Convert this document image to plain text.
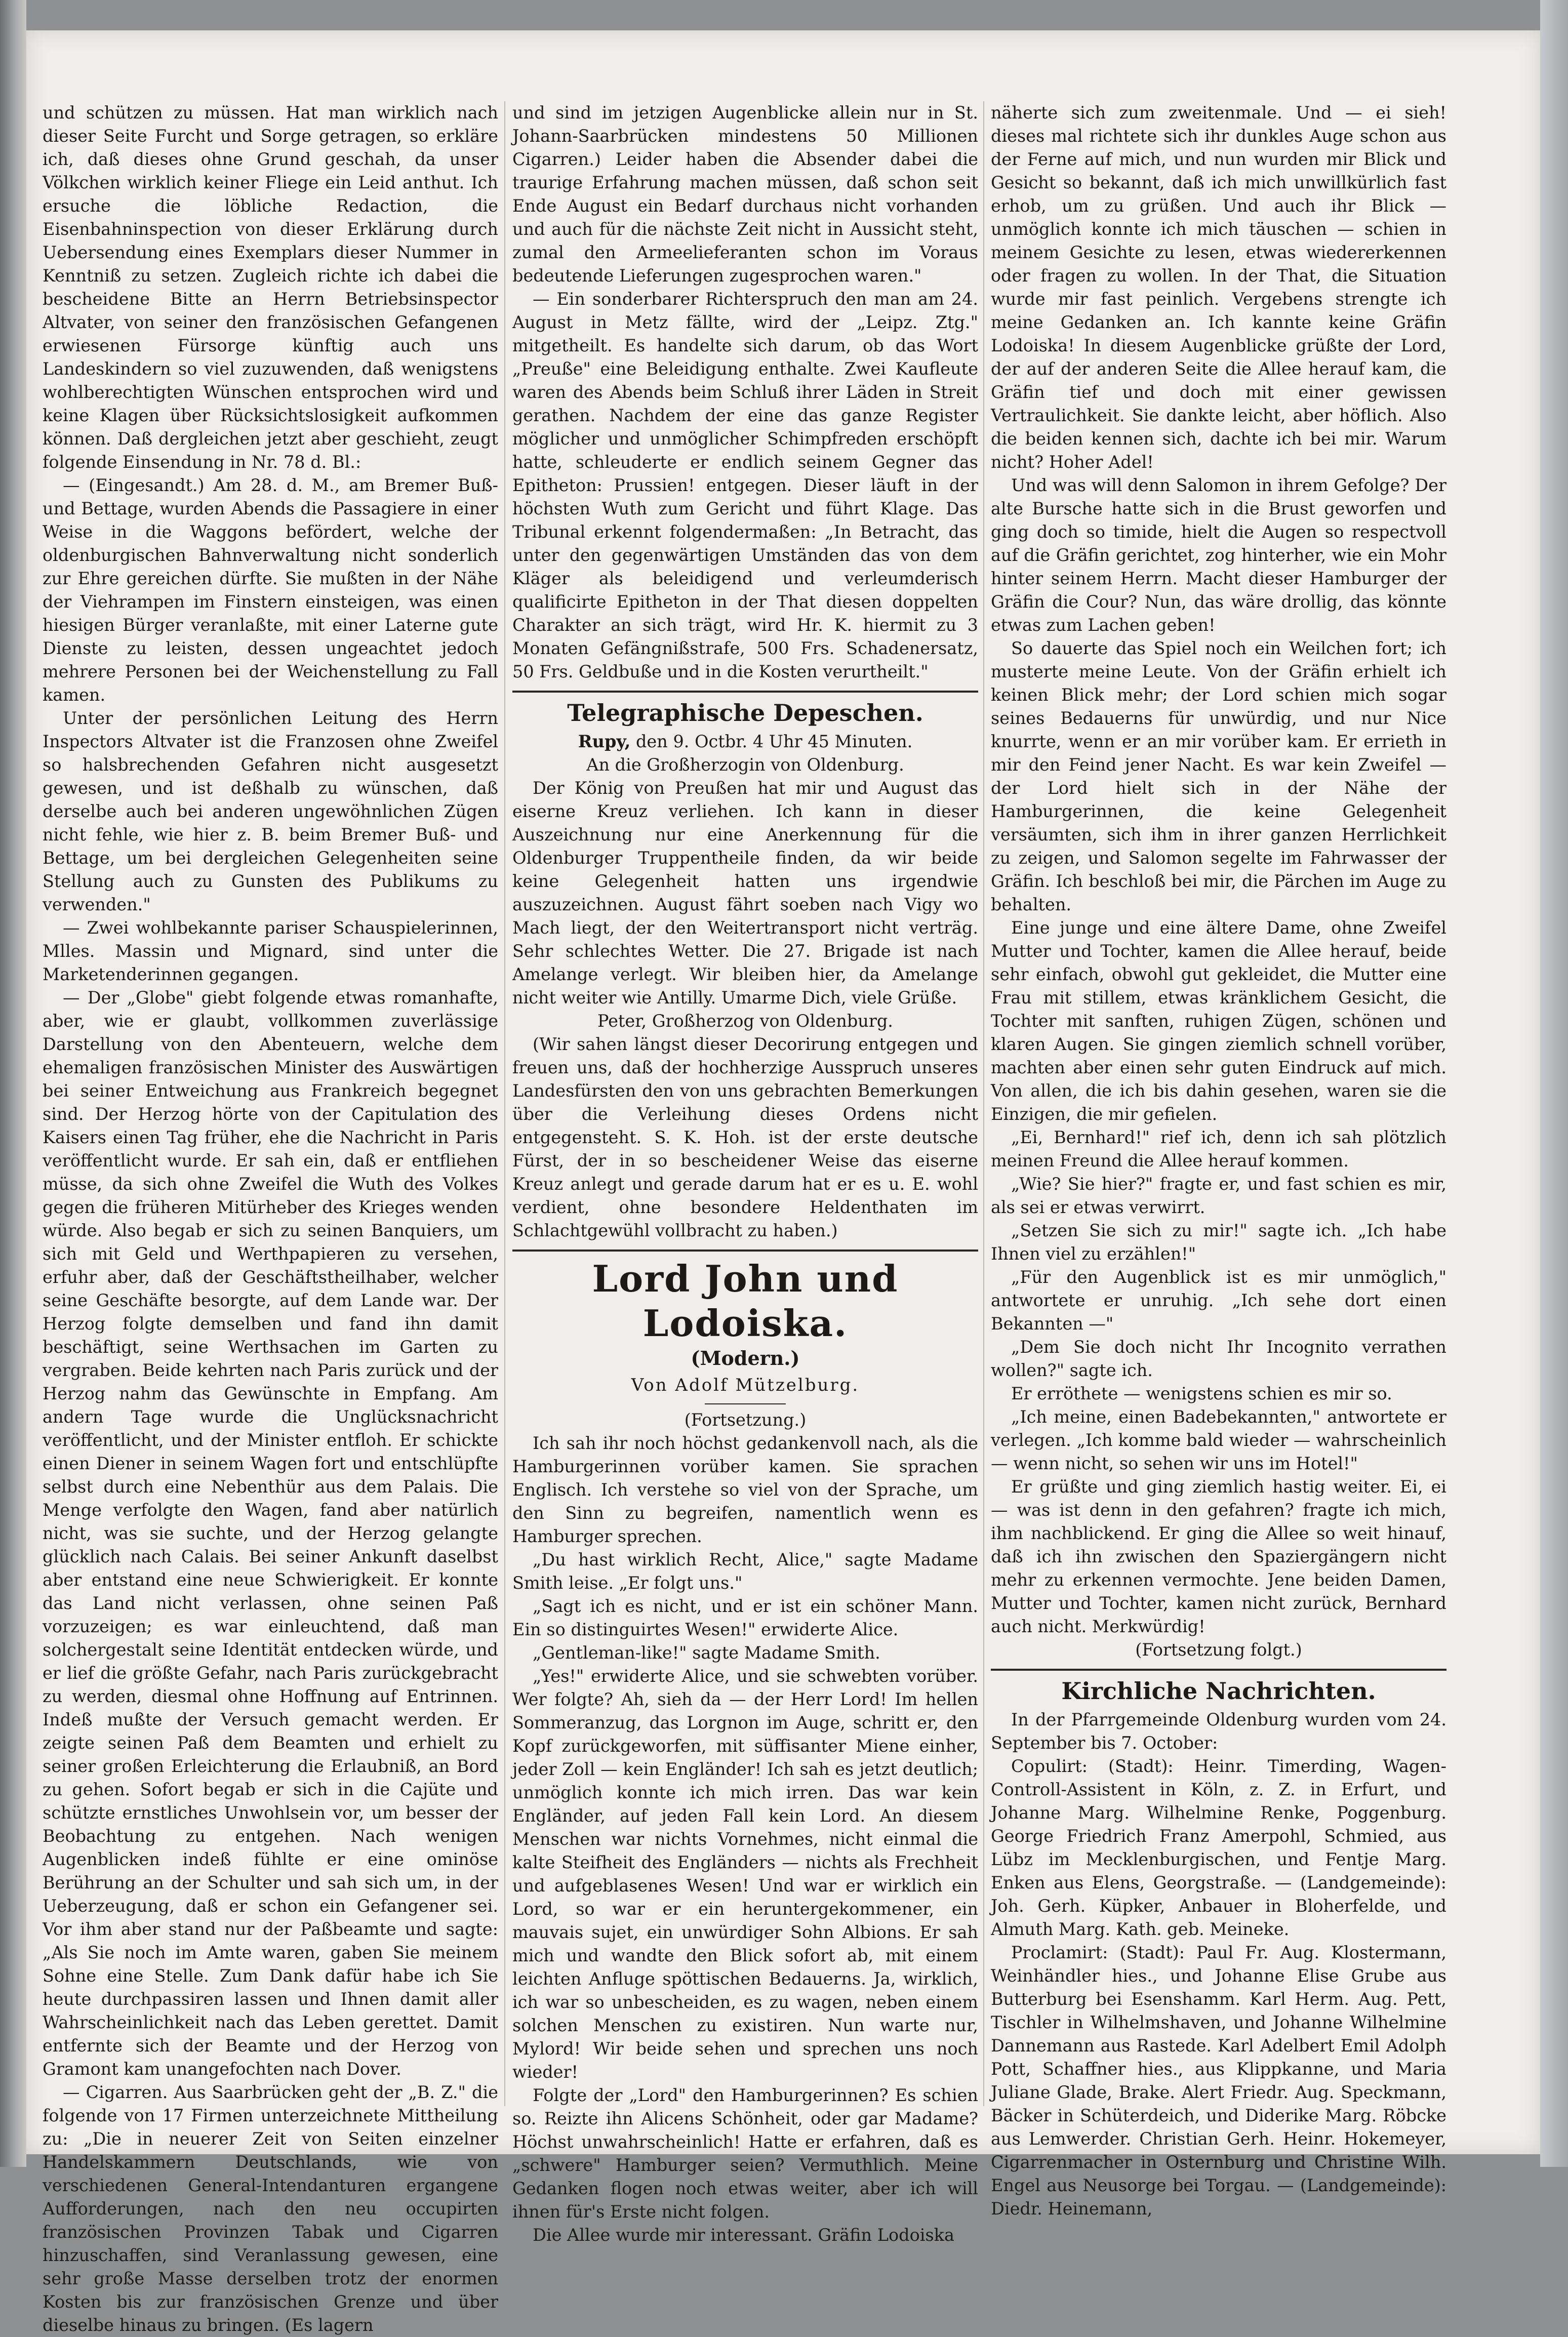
und schützen zu müssen. Hat man wirklich nach dieser Seite Furcht und Sorge getragen, so erkläre ich, daß dieses ohne Grund geschah, da unser Völkchen wirklich keiner Fliege ein Leid anthut. Ich ersuche die löbliche Redaction, die Eisenbahninspection von dieser Erklärung durch Uebersendung eines Exemplars dieser Nummer in Kenntniß zu setzen. Zugleich richte ich dabei die bescheidene Bitte an Herrn Betriebsinspector Altvater, von seiner den französischen Gefangenen erwiesenen Fürsorge künftig auch uns Landeskindern so viel zuzuwenden, daß wenigstens wohlberechtigten Wünschen entsprochen wird und keine Klagen über Rücksichtslosigkeit aufkommen können. Daß dergleichen jetzt aber geschieht, zeugt folgende Einsendung in Nr. 78 d. Bl.:

— (Eingesandt.) Am 28. d. M., am Bremer Buß- und Bettage, wurden Abends die Passagiere in einer Weise in die Waggons befördert, welche der oldenburgischen Bahnverwaltung nicht sonderlich zur Ehre gereichen dürfte. Sie mußten in der Nähe der Viehrampen im Finstern einsteigen, was einen hiesigen Bürger veranlaßte, mit einer Laterne gute Dienste zu leisten, dessen ungeachtet jedoch mehrere Personen bei der Weichenstellung zu Fall kamen.

Unter der persönlichen Leitung des Herrn Inspectors Altvater ist die Franzosen ohne Zweifel so halsbrechenden Gefahren nicht ausgesetzt gewesen, und ist deßhalb zu wünschen, daß derselbe auch bei anderen ungewöhnlichen Zügen nicht fehle, wie hier z. B. beim Bremer Buß- und Bettage, um bei dergleichen Gelegenheiten seine Stellung auch zu Gunsten des Publikums zu verwenden."

— Zwei wohlbekannte pariser Schauspielerinnen, Mlles. Massin und Mignard, sind unter die Marketenderinnen gegangen.

— Der „Globe" giebt folgende etwas romanhafte, aber, wie er glaubt, vollkommen zuverlässige Darstellung von den Abenteuern, welche dem ehemaligen französischen Minister des Auswärtigen bei seiner Entweichung aus Frankreich begegnet sind. Der Herzog hörte von der Capitulation des Kaisers einen Tag früher, ehe die Nachricht in Paris veröffentlicht wurde. Er sah ein, daß er entfliehen müsse, da sich ohne Zweifel die Wuth des Volkes gegen die früheren Mitürheber des Krieges wenden würde. Also begab er sich zu seinen Banquiers, um sich mit Geld und Werthpapieren zu versehen, erfuhr aber, daß der Geschäftstheilhaber, welcher seine Geschäfte besorgte, auf dem Lande war. Der Herzog folgte demselben und fand ihn damit beschäftigt, seine Werthsachen im Garten zu vergraben. Beide kehrten nach Paris zurück und der Herzog nahm das Gewünschte in Empfang. Am andern Tage wurde die Unglücksnachricht veröffentlicht, und der Minister entfloh. Er schickte einen Diener in seinem Wagen fort und entschlüpfte selbst durch eine Nebenthür aus dem Palais. Die Menge verfolgte den Wagen, fand aber natürlich nicht, was sie suchte, und der Herzog gelangte glücklich nach Calais. Bei seiner Ankunft daselbst aber entstand eine neue Schwierigkeit. Er konnte das Land nicht verlassen, ohne seinen Paß vorzuzeigen; es war einleuchtend, daß man solchergestalt seine Identität entdecken würde, und er lief die größte Gefahr, nach Paris zurückgebracht zu werden, diesmal ohne Hoffnung auf Entrinnen. Indeß mußte der Versuch gemacht werden. Er zeigte seinen Paß dem Beamten und erhielt zu seiner großen Erleichterung die Erlaubniß, an Bord zu gehen. Sofort begab er sich in die Cajüte und schützte ernstliches Unwohlsein vor, um besser der Beobachtung zu entgehen. Nach wenigen Augenblicken indeß fühlte er eine ominöse Berührung an der Schulter und sah sich um, in der Ueberzeugung, daß er schon ein Gefangener sei. Vor ihm aber stand nur der Paßbeamte und sagte: „Als Sie noch im Amte waren, gaben Sie meinem Sohne eine Stelle. Zum Dank dafür habe ich Sie heute durchpassiren lassen und Ihnen damit aller Wahrscheinlichkeit nach das Leben gerettet. Damit entfernte sich der Beamte und der Herzog von Gramont kam unangefochten nach Dover.

— Cigarren. Aus Saarbrücken geht der „B. Z." die folgende von 17 Firmen unterzeichnete Mittheilung zu: „Die in neuerer Zeit von Seiten einzelner Handelskammern Deutschlands, wie von verschiedenen General-Intendanturen ergangene Aufforderungen, nach den neu occupirten französischen Provinzen Tabak und Cigarren hinzuschaffen, sind Veranlassung gewesen, eine sehr große Masse derselben trotz der enormen Kosten bis zur französischen Grenze und über dieselbe hinaus zu bringen. (Es lagern

und sind im jetzigen Augenblicke allein nur in St. Johann-Saarbrücken mindestens 50 Millionen Cigarren.) Leider haben die Absender dabei die traurige Erfahrung machen müssen, daß schon seit Ende August ein Bedarf durchaus nicht vorhanden und auch für die nächste Zeit nicht in Aussicht steht, zumal den Armeelieferanten schon im Voraus bedeutende Lieferungen zugesprochen waren."

— Ein sonderbarer Richterspruch den man am 24. August in Metz fällte, wird der „Leipz. Ztg." mitgetheilt. Es handelte sich darum, ob das Wort „Preuße" eine Beleidigung enthalte. Zwei Kaufleute waren des Abends beim Schluß ihrer Läden in Streit gerathen. Nachdem der eine das ganze Register möglicher und unmöglicher Schimpfreden erschöpft hatte, schleuderte er endlich seinem Gegner das Epitheton: Prussien! entgegen. Dieser läuft in der höchsten Wuth zum Gericht und führt Klage. Das Tribunal erkennt folgendermaßen: „In Betracht, das unter den gegenwärtigen Umständen das von dem Kläger als beleidigend und verleumderisch qualificirte Epitheton in der That diesen doppelten Charakter an sich trägt, wird Hr. K. hiermit zu 3 Monaten Gefängnißstrafe, 500 Frs. Schadenersatz, 50 Frs. Geldbuße und in die Kosten verurtheilt."

Telegraphische Depeschen.

Rupy, den 9. Octbr. 4 Uhr 45 Minuten.

An die Großherzogin von Oldenburg.

Der König von Preußen hat mir und August das eiserne Kreuz verliehen. Ich kann in dieser Auszeichnung nur eine Anerkennung für die Oldenburger Truppentheile finden, da wir beide keine Gelegenheit hatten uns irgendwie auszuzeichnen. August fährt soeben nach Vigy wo Mach liegt, der den Weitertransport nicht verträg. Sehr schlechtes Wetter. Die 27. Brigade ist nach Amelange verlegt. Wir bleiben hier, da Amelange nicht weiter wie Antilly. Umarme Dich, viele Grüße.

Peter, Großherzog von Oldenburg.

(Wir sahen längst dieser Decorirung entgegen und freuen uns, daß der hochherzige Ausspruch unseres Landesfürsten den von uns gebrachten Bemerkungen über die Verleihung dieses Ordens nicht entgegensteht. S. K. Hoh. ist der erste deutsche Fürst, der in so bescheidener Weise das eiserne Kreuz anlegt und gerade darum hat er es u. E. wohl verdient, ohne besondere Heldenthaten im Schlachtgewühl vollbracht zu haben.)

Lord John und Lodoiska.
(Modern.)
Von Adolf Mützelburg.

(Fortsetzung.)

Ich sah ihr noch höchst gedankenvoll nach, als die Hamburgerinnen vorüber kamen. Sie sprachen Englisch. Ich verstehe so viel von der Sprache, um den Sinn zu begreifen, namentlich wenn es Hamburger sprechen.

„Du hast wirklich Recht, Alice," sagte Madame Smith leise. „Er folgt uns."

„Sagt ich es nicht, und er ist ein schöner Mann. Ein so distinguirtes Wesen!" erwiderte Alice.

„Gentleman-like!" sagte Madame Smith.

„Yes!" erwiderte Alice, und sie schwebten vorüber. Wer folgte? Ah, sieh da — der Herr Lord! Im hellen Sommeranzug, das Lorgnon im Auge, schritt er, den Kopf zurückgeworfen, mit süffisanter Miene einher, jeder Zoll — kein Engländer! Ich sah es jetzt deutlich; unmöglich konnte ich mich irren. Das war kein Engländer, auf jeden Fall kein Lord. An diesem Menschen war nichts Vornehmes, nicht einmal die kalte Steifheit des Engländers — nichts als Frechheit und aufgeblasenes Wesen! Und war er wirklich ein Lord, so war er ein heruntergekommener, ein mauvais sujet, ein unwürdiger Sohn Albions. Er sah mich und wandte den Blick sofort ab, mit einem leichten Anfluge spöttischen Bedauerns. Ja, wirklich, ich war so unbescheiden, es zu wagen, neben einem solchen Menschen zu existiren. Nun warte nur, Mylord! Wir beide sehen und sprechen uns noch wieder!

Folgte der „Lord" den Hamburgerinnen? Es schien so. Reizte ihn Alicens Schönheit, oder gar Madame? Höchst unwahrscheinlich! Hatte er erfahren, daß es „schwere" Hamburger seien? Vermuthlich. Meine Gedanken flogen noch etwas weiter, aber ich will ihnen für's Erste nicht folgen.

Die Allee wurde mir interessant. Gräfin Lodoiska

näherte sich zum zweitenmale. Und — ei sieh! dieses mal richtete sich ihr dunkles Auge schon aus der Ferne auf mich, und nun wurden mir Blick und Gesicht so bekannt, daß ich mich unwillkürlich fast erhob, um zu grüßen. Und auch ihr Blick — unmöglich konnte ich mich täuschen — schien in meinem Gesichte zu lesen, etwas wiedererkennen oder fragen zu wollen. In der That, die Situation wurde mir fast peinlich. Vergebens strengte ich meine Gedanken an. Ich kannte keine Gräfin Lodoiska! In diesem Augenblicke grüßte der Lord, der auf der anderen Seite die Allee herauf kam, die Gräfin tief und doch mit einer gewissen Vertraulichkeit. Sie dankte leicht, aber höflich. Also die beiden kennen sich, dachte ich bei mir. Warum nicht? Hoher Adel!

Und was will denn Salomon in ihrem Gefolge? Der alte Bursche hatte sich in die Brust geworfen und ging doch so timide, hielt die Augen so respectvoll auf die Gräfin gerichtet, zog hinterher, wie ein Mohr hinter seinem Herrn. Macht dieser Hamburger der Gräfin die Cour? Nun, das wäre drollig, das könnte etwas zum Lachen geben!

So dauerte das Spiel noch ein Weilchen fort; ich musterte meine Leute. Von der Gräfin erhielt ich keinen Blick mehr; der Lord schien mich sogar seines Bedauerns für unwürdig, und nur Nice knurrte, wenn er an mir vorüber kam. Er errieth in mir den Feind jener Nacht. Es war kein Zweifel — der Lord hielt sich in der Nähe der Hamburgerinnen, die keine Gelegenheit versäumten, sich ihm in ihrer ganzen Herrlichkeit zu zeigen, und Salomon segelte im Fahrwasser der Gräfin. Ich beschloß bei mir, die Pärchen im Auge zu behalten.

Eine junge und eine ältere Dame, ohne Zweifel Mutter und Tochter, kamen die Allee herauf, beide sehr einfach, obwohl gut gekleidet, die Mutter eine Frau mit stillem, etwas kränklichem Gesicht, die Tochter mit sanften, ruhigen Zügen, schönen und klaren Augen. Sie gingen ziemlich schnell vorüber, machten aber einen sehr guten Eindruck auf mich. Von allen, die ich bis dahin gesehen, waren sie die Einzigen, die mir gefielen.

„Ei, Bernhard!" rief ich, denn ich sah plötzlich meinen Freund die Allee herauf kommen.

„Wie? Sie hier?" fragte er, und fast schien es mir, als sei er etwas verwirrt.

„Setzen Sie sich zu mir!" sagte ich. „Ich habe Ihnen viel zu erzählen!"

„Für den Augenblick ist es mir unmöglich," antwortete er unruhig. „Ich sehe dort einen Bekannten —"

„Dem Sie doch nicht Ihr Incognito verrathen wollen?" sagte ich.

Er erröthete — wenigstens schien es mir so.

„Ich meine, einen Badebekannten," antwortete er verlegen. „Ich komme bald wieder — wahrscheinlich — wenn nicht, so sehen wir uns im Hotel!"

Er grüßte und ging ziemlich hastig weiter. Ei, ei — was ist denn in den gefahren? fragte ich mich, ihm nachblickend. Er ging die Allee so weit hinauf, daß ich ihn zwischen den Spaziergängern nicht mehr zu erkennen vermochte. Jene beiden Damen, Mutter und Tochter, kamen nicht zurück, Bernhard auch nicht. Merkwürdig!

(Fortsetzung folgt.)

Kirchliche Nachrichten.

In der Pfarrgemeinde Oldenburg wurden vom 24. September bis 7. October:

Copulirt: (Stadt): Heinr. Timerding, Wagen-Controll-Assistent in Köln, z. Z. in Erfurt, und Johanne Marg. Wilhelmine Renke, Poggenburg. George Friedrich Franz Amerpohl, Schmied, aus Lübz im Mecklenburgischen, und Fentje Marg. Enken aus Elens, Georgstraße. — (Landgemeinde): Joh. Gerh. Küpker, Anbauer in Bloherfelde, und Almuth Marg. Kath. geb. Meineke.

Proclamirt: (Stadt): Paul Fr. Aug. Klostermann, Weinhändler hies., und Johanne Elise Grube aus Butterburg bei Esenshamm. Karl Herm. Aug. Pett, Tischler in Wilhelmshaven, und Johanne Wilhelmine Dannemann aus Rastede. Karl Adelbert Emil Adolph Pott, Schaffner hies., aus Klippkanne, und Maria Juliane Glade, Brake. Alert Friedr. Aug. Speckmann, Bäcker in Schüterdeich, und Diderike Marg. Röbcke aus Lemwerder. Christian Gerh. Heinr. Hokemeyer, Cigarrenmacher in Osternburg und Christine Wilh. Engel aus Neusorge bei Torgau. — (Landgemeinde): Diedr. Heinemann,
